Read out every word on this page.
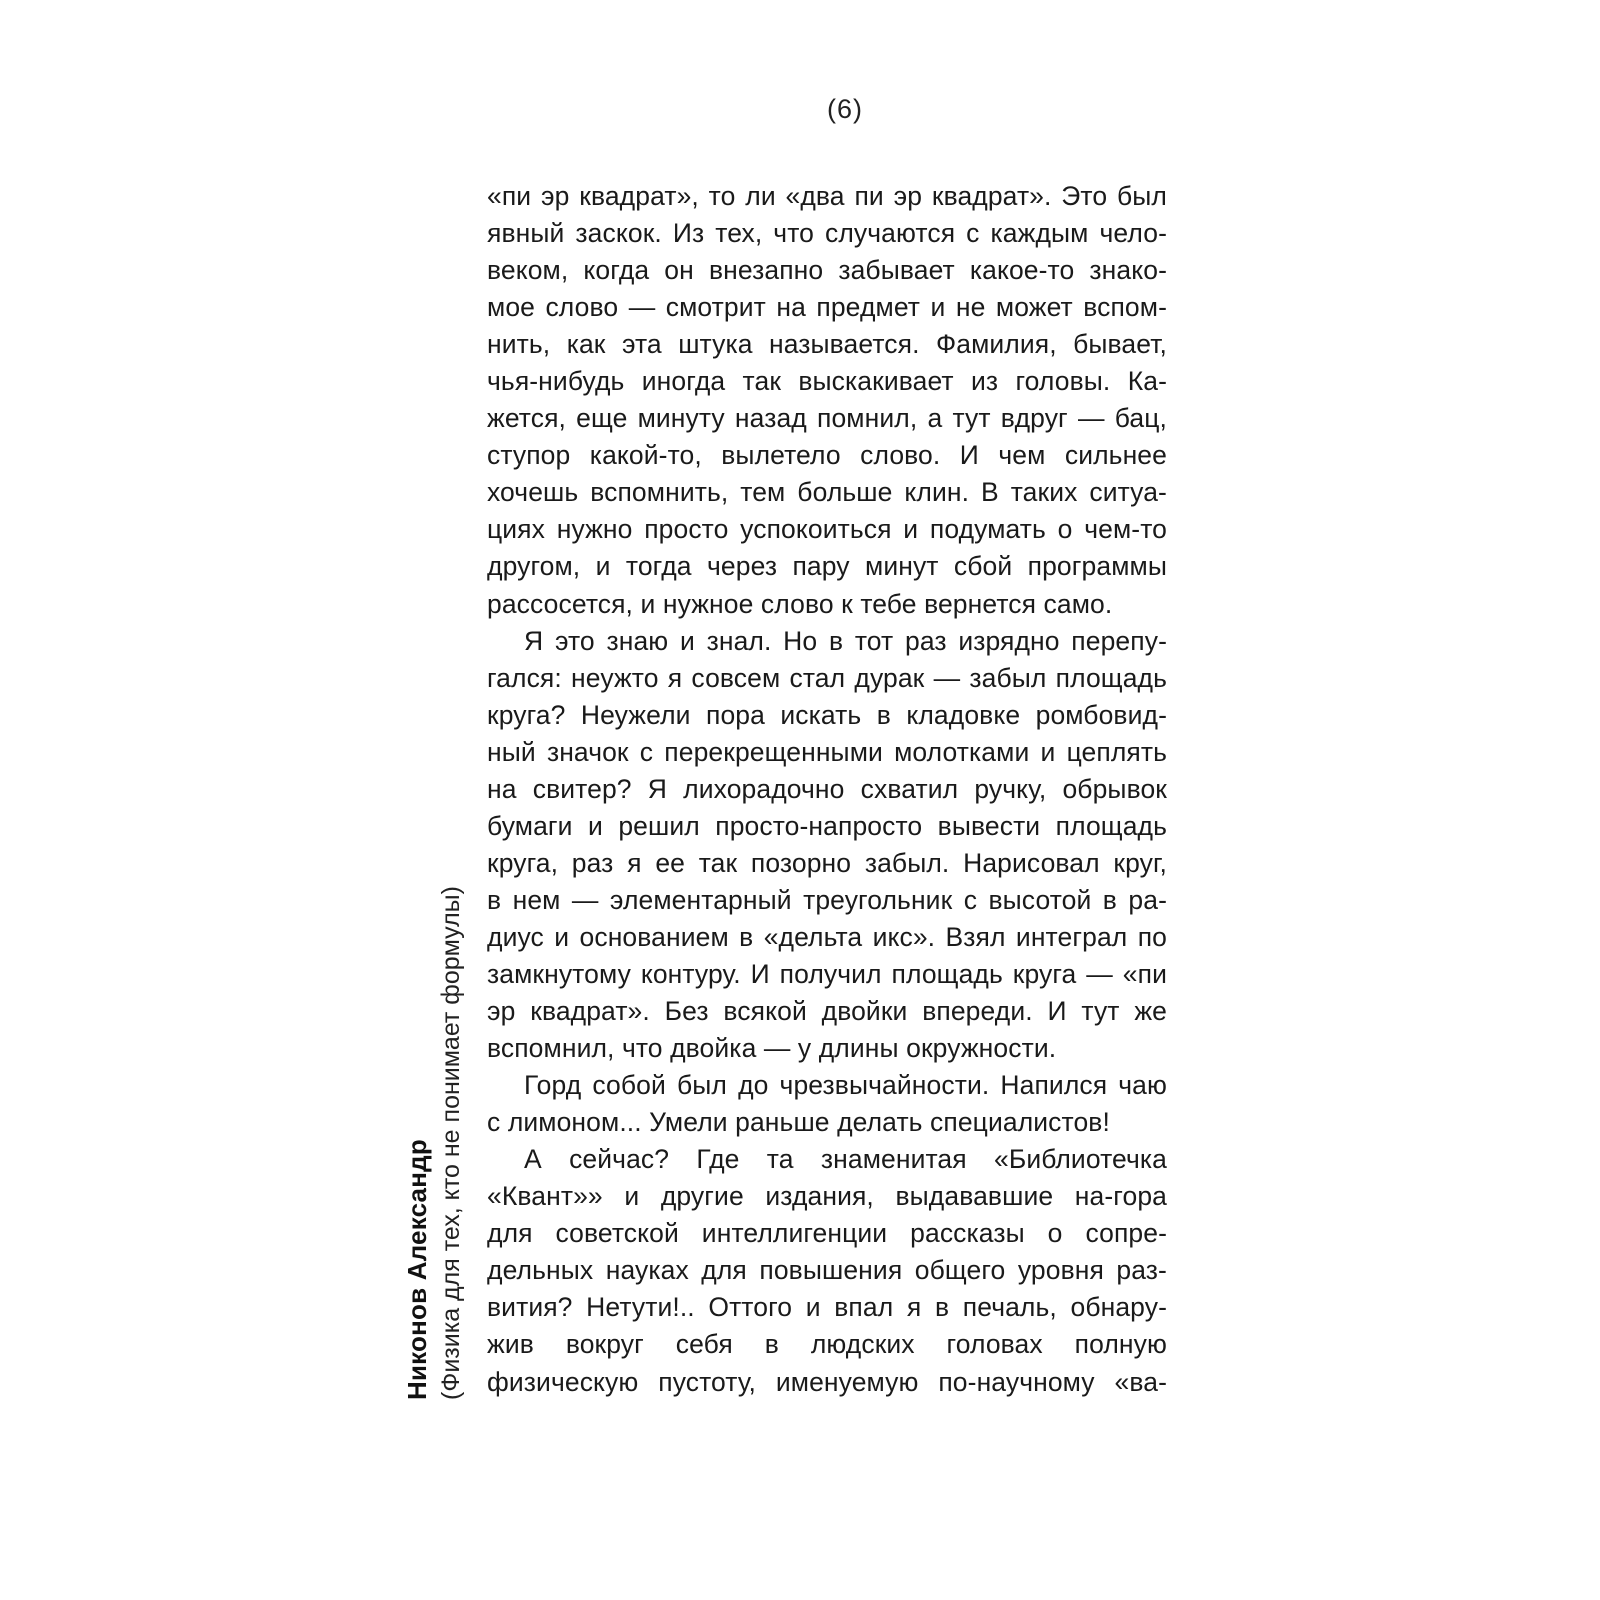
(6)
Никонов Александр (Физика для тех, кто не понимает формулы)
«пи эр квадрат», то ли «два пи эр квадрат». Это был
явный заскок. Из тех, что случаются с каждым чело-
веком, когда он внезапно забывает какое-то знако-
мое слово — смотрит на предмет и не может вспом-
нить, как эта штука называется. Фамилия, бывает,
чья-нибудь иногда так выскакивает из головы. Ка-
жется, еще минуту назад помнил, а тут вдруг — бац,
ступор какой-то, вылетело слово. И чем сильнее
хочешь вспомнить, тем больше клин. В таких ситуа-
циях нужно просто успокоиться и подумать о чем-то
другом, и тогда через пару минут сбой программы
рассосется, и нужное слово к тебе вернется само.
Я это знаю и знал. Но в тот раз изрядно перепу-
гался: неужто я совсем стал дурак — забыл площадь
круга? Неужели пора искать в кладовке ромбовид-
ный значок с перекрещенными молотками и цеплять
на свитер? Я лихорадочно схватил ручку, обрывок
бумаги и решил просто-напросто вывести площадь
круга, раз я ее так позорно забыл. Нарисовал круг,
в нем — элементарный треугольник с высотой в ра-
диус и основанием в «дельта икс». Взял интеграл по
замкнутому контуру. И получил площадь круга — «пи
эр квадрат». Без всякой двойки впереди. И тут же
вспомнил, что двойка — у длины окружности.
Горд собой был до чрезвычайности. Напился чаю
с лимоном... Умели раньше делать специалистов!
А сейчас? Где та знаменитая «Библиотечка
«Квант»» и другие издания, выдававшие на-гора
для советской интеллигенции рассказы о сопре-
дельных науках для повышения общего уровня раз-
вития? Нетути!.. Оттого и впал я в печаль, обнару-
жив вокруг себя в людских головах полную
физическую пустоту, именуемую по-научному «ва-
